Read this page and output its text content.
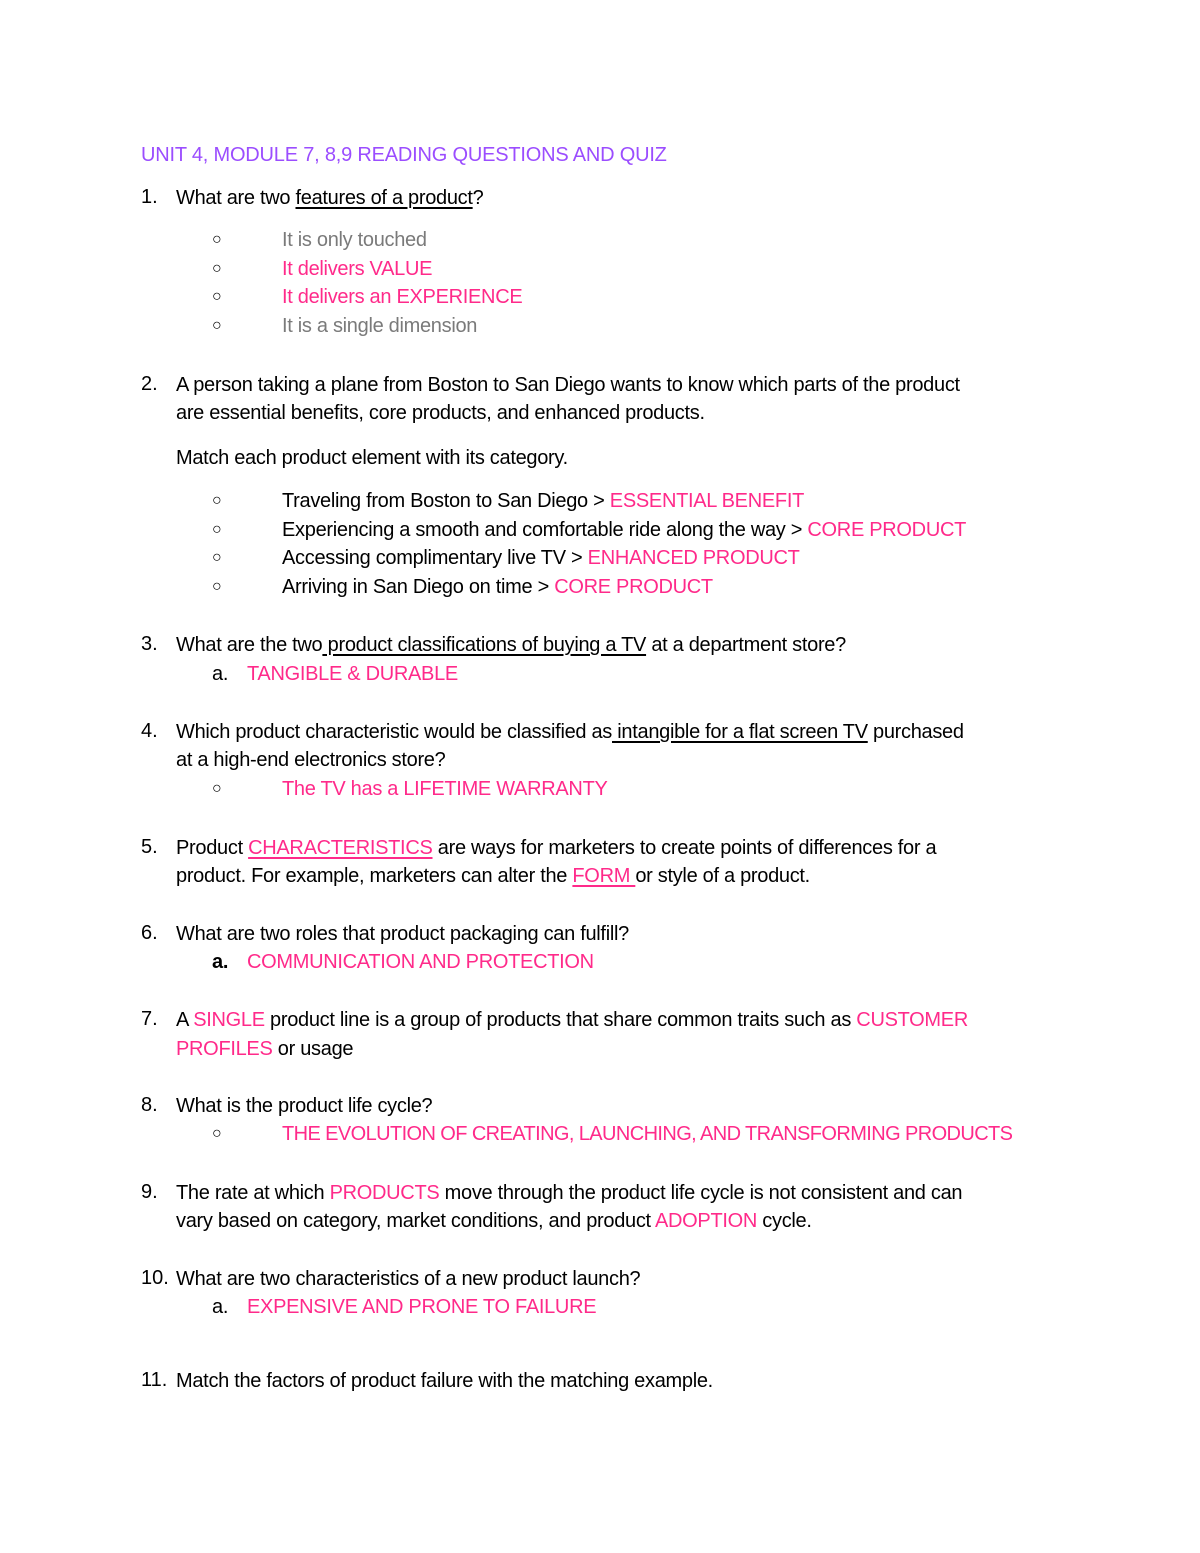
UNIT 4, MODULE 7, 8,9 READING QUESTIONS AND QUIZ
1. What are two features of a product?
○	It is only touched
○	It delivers VALUE
○	It delivers an EXPERIENCE
○	It is a single dimension
2. A person taking a plane from Boston to San Diego wants to know which parts of the product
are essential benefits, core products, and enhanced products.
Match each product element with its category.
○	Traveling from Boston to San Diego > ESSENTIAL BENEFIT
○	Experiencing a smooth and comfortable ride along the way > CORE PRODUCT
○	Accessing complimentary live TV > ENHANCED PRODUCT
○	Arriving in San Diego on time > CORE PRODUCT
3. What are the two product classifications of buying a TV at a department store?
a. TANGIBLE & DURABLE
4. Which product characteristic would be classified as intangible for a flat screen TV purchased
at a high-end electronics store?
○	The TV has a LIFETIME WARRANTY
5. Product CHARACTERISTICS are ways for marketers to create points of differences for a
product. For example, marketers can alter the FORM or style of a product.
6. What are two roles that product packaging can fulfill?
a. COMMUNICATION AND PROTECTION
7. A SINGLE product line is a group of products that share common traits such as CUSTOMER
PROFILES or usage
8. What is the product life cycle?
○	THE EVOLUTION OF CREATING, LAUNCHING, AND TRANSFORMING PRODUCTS
9. The rate at which PRODUCTS move through the product life cycle is not consistent and can
vary based on category, market conditions, and product ADOPTION cycle.
10. What are two characteristics of a new product launch?
a. EXPENSIVE AND PRONE TO FAILURE
11. Match the factors of product failure with the matching example.
